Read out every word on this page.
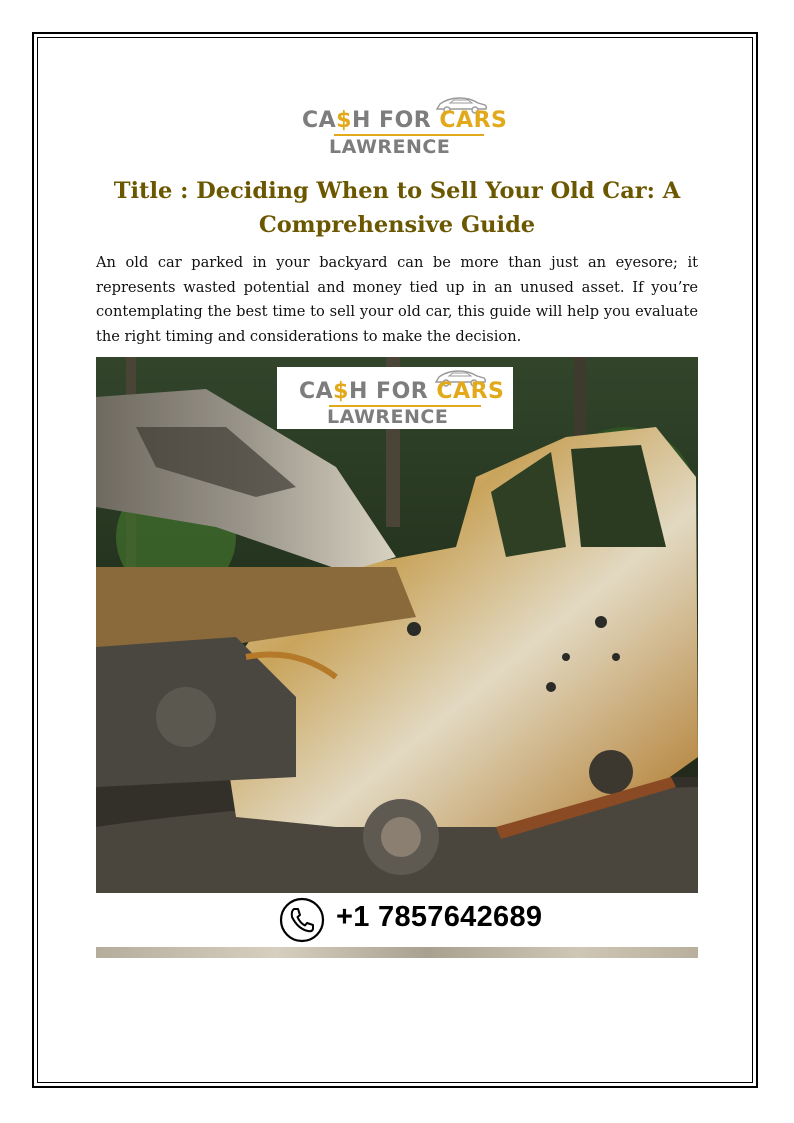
CA$H FOR CARS
LAWRENCE
Title : Deciding When to Sell Your Old Car: A Comprehensive Guide

An old car parked in your backyard can be more than just an eyesore; it represents wasted potential and money tied up in an unused asset. If you’re contemplating the best time to sell your old car, this guide will help you evaluate the right timing and considerations to make the decision.

CA$H FOR CARS
LAWRENCE
+1 7857642689
